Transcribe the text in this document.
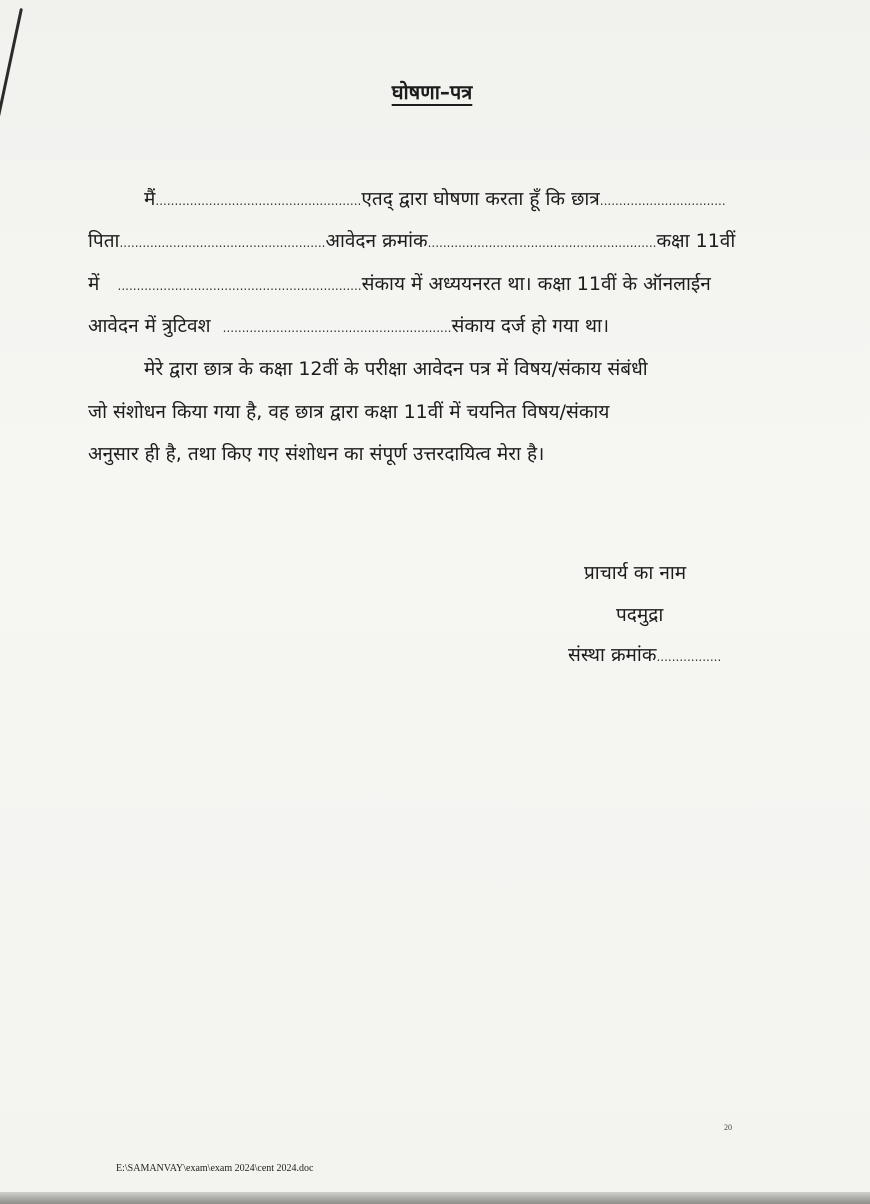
घोषणा–पत्र
मैं......................................................एतद् द्वारा घोषणा करता हूँ कि छात्र.................................
पिता......................................................आवेदन क्रमांक............................................................कक्षा 11वीं
में ................................................................संकाय में अध्ययनरत था। कक्षा 11वीं के ऑनलाईन
आवेदन में त्रुटिवश ............................................................संकाय दर्ज हो गया था।
मेरे द्वारा छात्र के कक्षा 12वीं के परीक्षा आवेदन पत्र में विषय/संकाय संबंधी
जो संशोधन किया गया है, वह छात्र द्वारा कक्षा 11वीं में चयनित विषय/संकाय
अनुसार ही है, तथा किए गए संशोधन का संपूर्ण उत्तरदायित्व मेरा है।
प्राचार्य का नाम
पदमुद्रा
संस्था क्रमांक.................
20
E:\SAMANVAY\exam\exam 2024\cent 2024.doc
